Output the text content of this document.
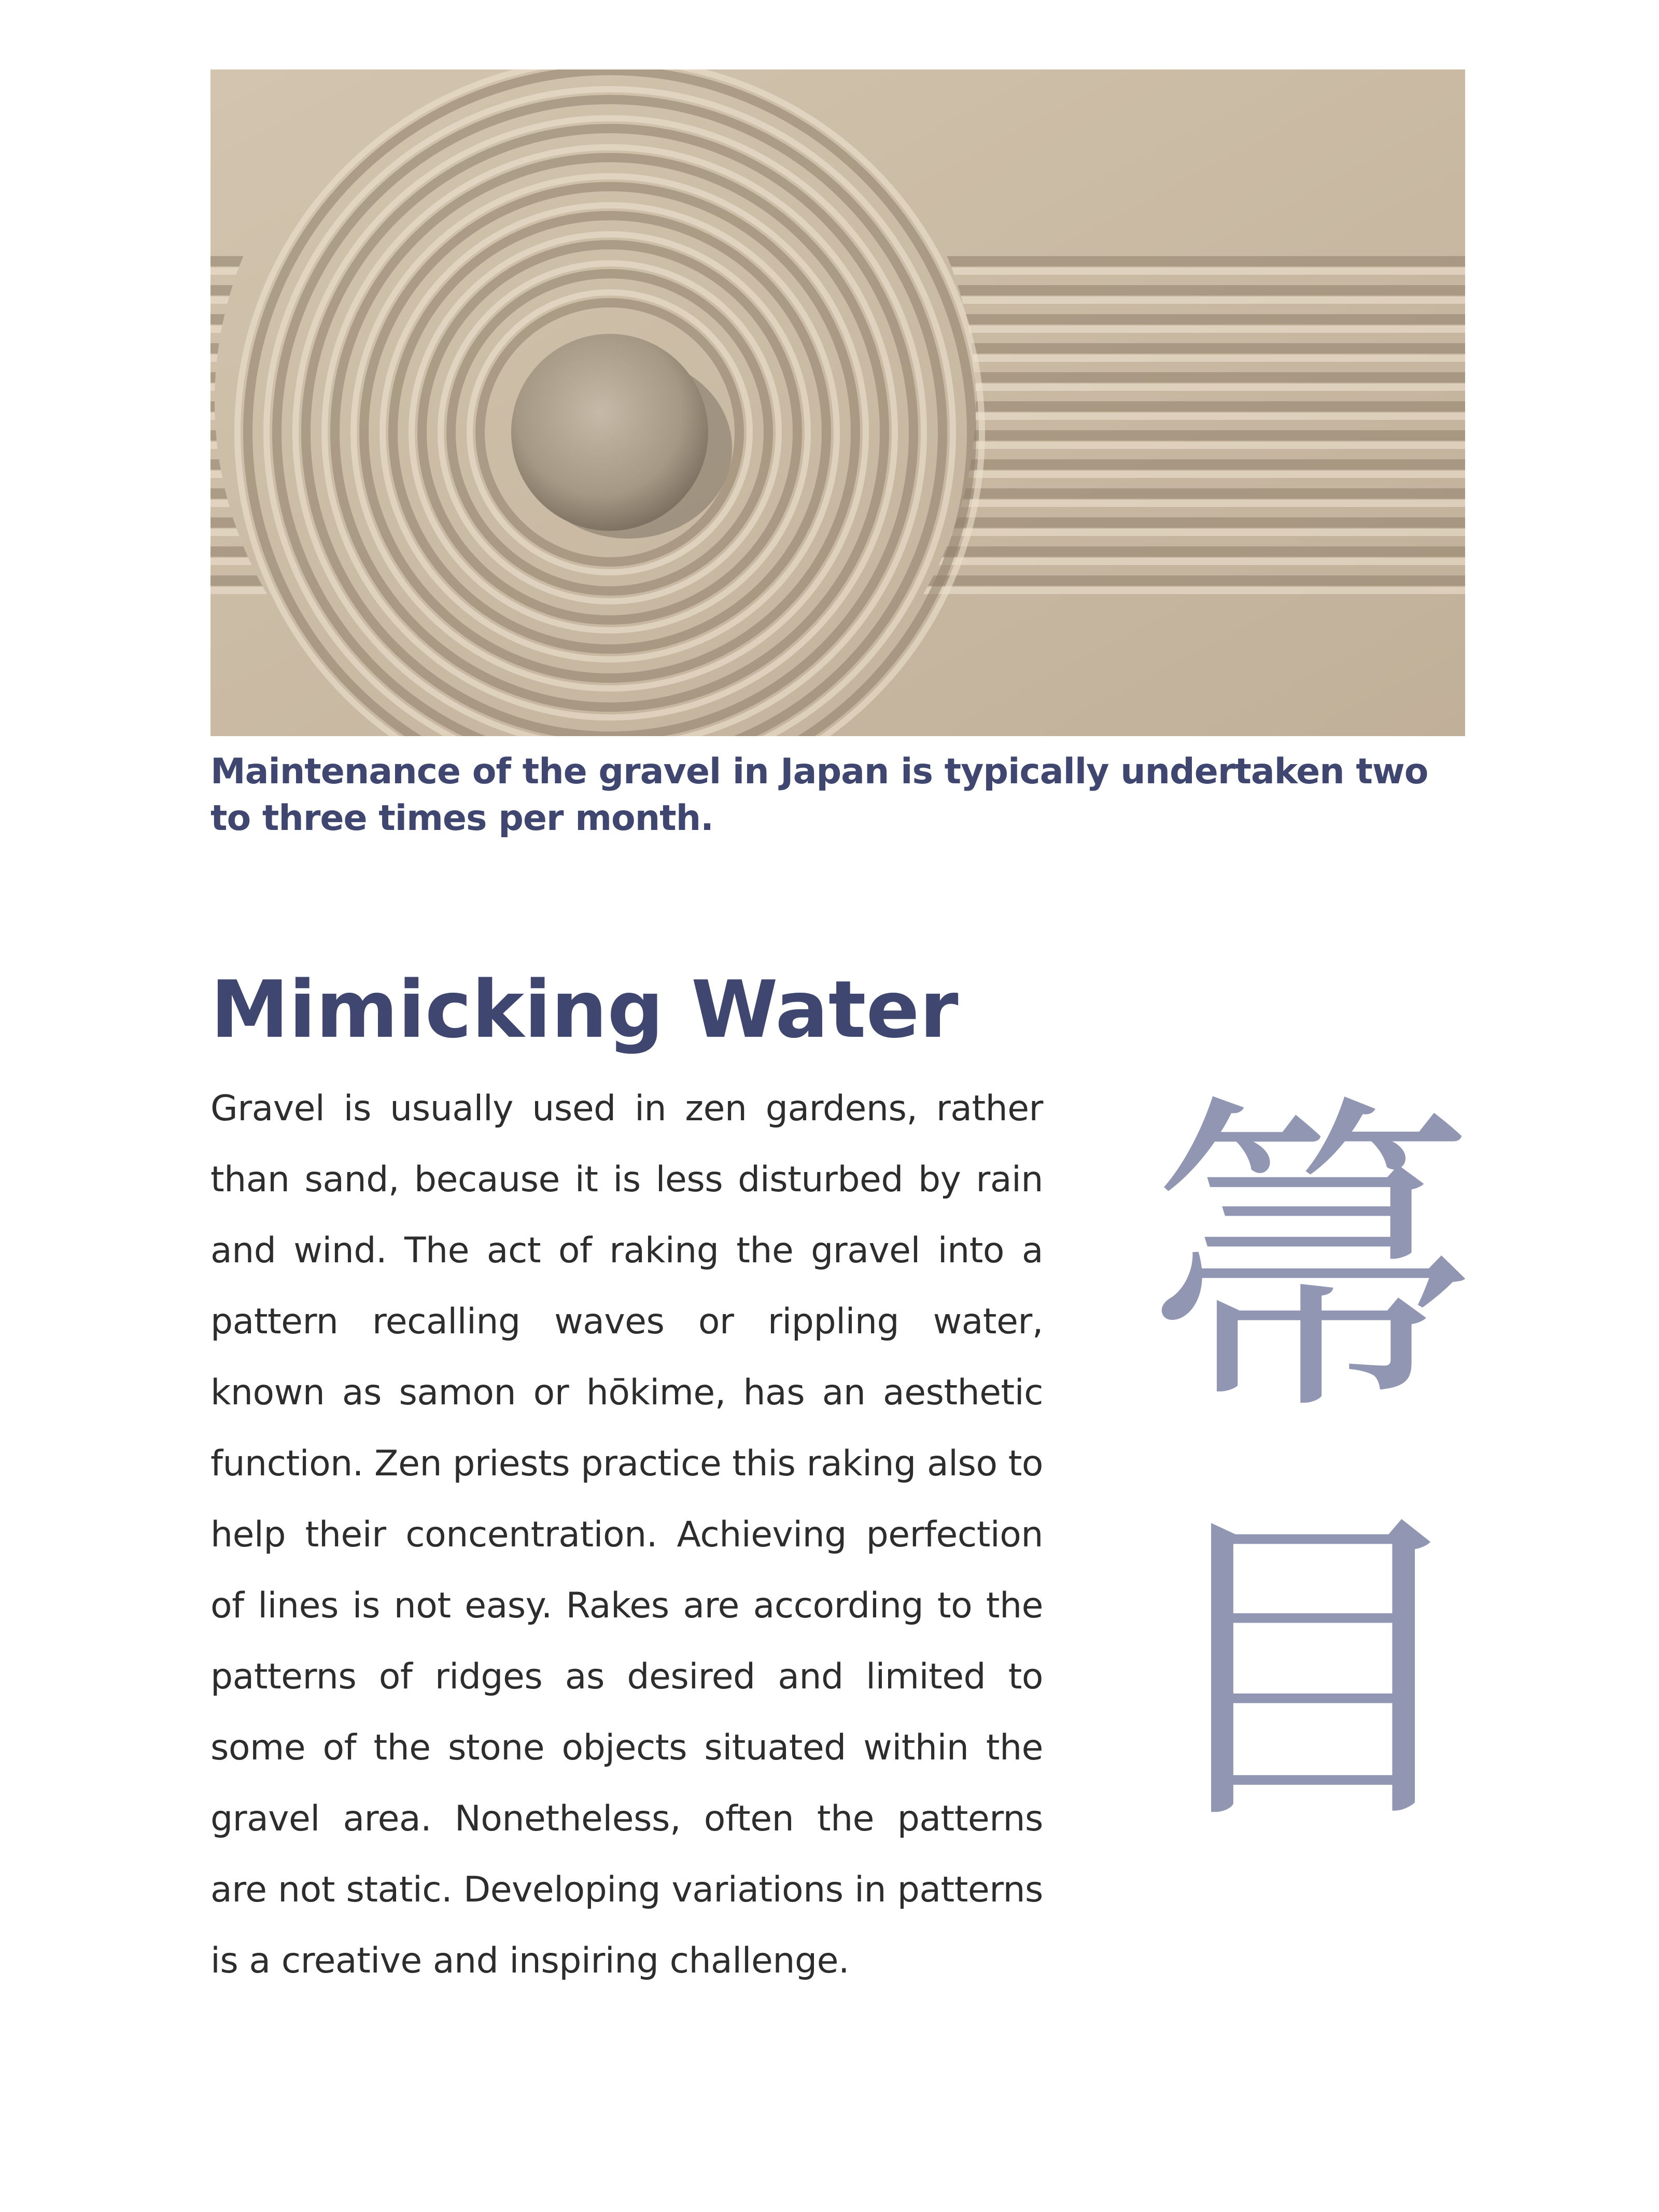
Maintenance of the gravel in Japan is typically undertaken two to three times per month.

Mimicking Water

Gravel is usually used in zen gardens, rather than sand, because it is less disturbed by rain and wind. The act of raking the gravel into a pattern recalling waves or rippling water, known as samon or hōkime, has an aesthetic function. Zen priests practice this raking also to help their concentration. Achieving perfection of lines is not easy. Rakes are according to the patterns of ridges as desired and limited to some of the stone objects situated within the gravel area. Nonetheless, often the patterns are not static. Developing variations in patterns is a creative and inspiring challenge.

箒
目
